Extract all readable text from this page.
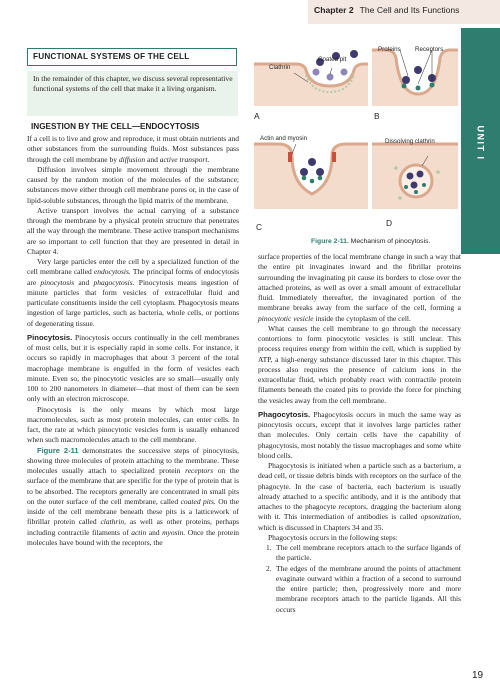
Chapter 2 The Cell and Its Functions
UNIT I
FUNCTIONAL SYSTEMS OF THE CELL
In the remainder of this chapter, we discuss several representative functional systems of the cell that make it a living organism.
INGESTION BY THE CELL—ENDOCYTOSIS

If a cell is to live and grow and reproduce, it must obtain nutrients and other substances from the surrounding fluids. Most substances pass through the cell membrane by diffusion and active transport.

Diffusion involves simple movement through the membrane caused by the random motion of the molecules of the substance; substances move either through cell membrane pores or, in the case of lipid-soluble substances, through the lipid matrix of the membrane.

Active transport involves the actual carrying of a substance through the membrane by a physical protein structure that penetrates all the way through the membrane. These active transport mechanisms are so important to cell function that they are presented in detail in Chapter 4.

Very large particles enter the cell by a specialized function of the cell membrane called endocytosis. The principal forms of endocytosis are pinocytosis and phagocytosis. Pinocytosis means ingestion of minute particles that form vesicles of extracellular fluid and particulate constituents inside the cell cytoplasm. Phagocytosis means ingestion of large particles, such as bacteria, whole cells, or portions of degenerating tissue.

Pinocytosis. Pinocytosis occurs continually in the cell membranes of most cells, but it is especially rapid in some cells. For instance, it occurs so rapidly in macrophages that about 3 percent of the total macrophage membrane is engulfed in the form of vesicles each minute. Even so, the pinocytotic vesicles are so small—usually only 100 to 200 nanometers in diameter—that most of them can be seen only with an electron microscope.

Pinocytosis is the only means by which most large macromolecules, such as most protein molecules, can enter cells. In fact, the rate at which pinocytotic vesicles form is usually enhanced when such macromolecules attach to the cell membrane.

Figure 2-11 demonstrates the successive steps of pinocytosis, showing three molecules of protein attaching to the membrane. These molecules usually attach to specialized protein receptors on the surface of the membrane that are specific for the type of protein that is to be absorbed. The receptors generally are concentrated in small pits on the outer surface of the cell membrane, called coated pits. On the inside of the cell membrane beneath these pits is a latticework of fibrillar protein called clathrin, as well as other proteins, perhaps including contractile filaments of actin and myosin. Once the protein molecules have bound with the receptors, the

Clathrin
Coated pit
Proteins Receptors
Actin and myosin	Dissolving clathrin
A	B
C	D
Figure 2-11. Mechanism of pinocytosis.

surface properties of the local membrane change in such a way that the entire pit invaginates inward and the fibrillar proteins surrounding the invaginating pit cause its borders to close over the attached proteins, as well as over a small amount of extracellular fluid. Immediately thereafter, the invaginated portion of the membrane breaks away from the surface of the cell, forming a pinocytotic vesicle inside the cytoplasm of the cell.

What causes the cell membrane to go through the necessary contortions to form pinocytotic vesicles is still unclear. This process requires energy from within the cell, which is supplied by ATP, a high-energy substance discussed later in this chapter. This process also requires the presence of calcium ions in the extracellular fluid, which probably react with contractile protein filaments beneath the coated pits to provide the force for pinching the vesicles away from the cell membrane.

Phagocytosis. Phagocytosis occurs in much the same way as pinocytosis occurs, except that it involves large particles rather than molecules. Only certain cells have the capability of phagocytosis, most notably the tissue macrophages and some white blood cells.

Phagocytosis is initiated when a particle such as a bacterium, a dead cell, or tissue debris binds with receptors on the surface of the phagocyte. In the case of bacteria, each bacterium is usually already attached to a specific antibody, and it is the antibody that attaches to the phagocyte receptors, dragging the bacterium along with it. This intermediation of antibodies is called opsonization, which is discussed in Chapters 34 and 35.

Phagocytosis occurs in the following steps:

1. The cell membrane receptors attach to the surface ligands of the particle.
2. The edges of the membrane around the points of attachment evaginate outward within a fraction of a second to surround the entire particle; then, progressively more and more membrane receptors attach to the particle ligands. All this occurs
19
